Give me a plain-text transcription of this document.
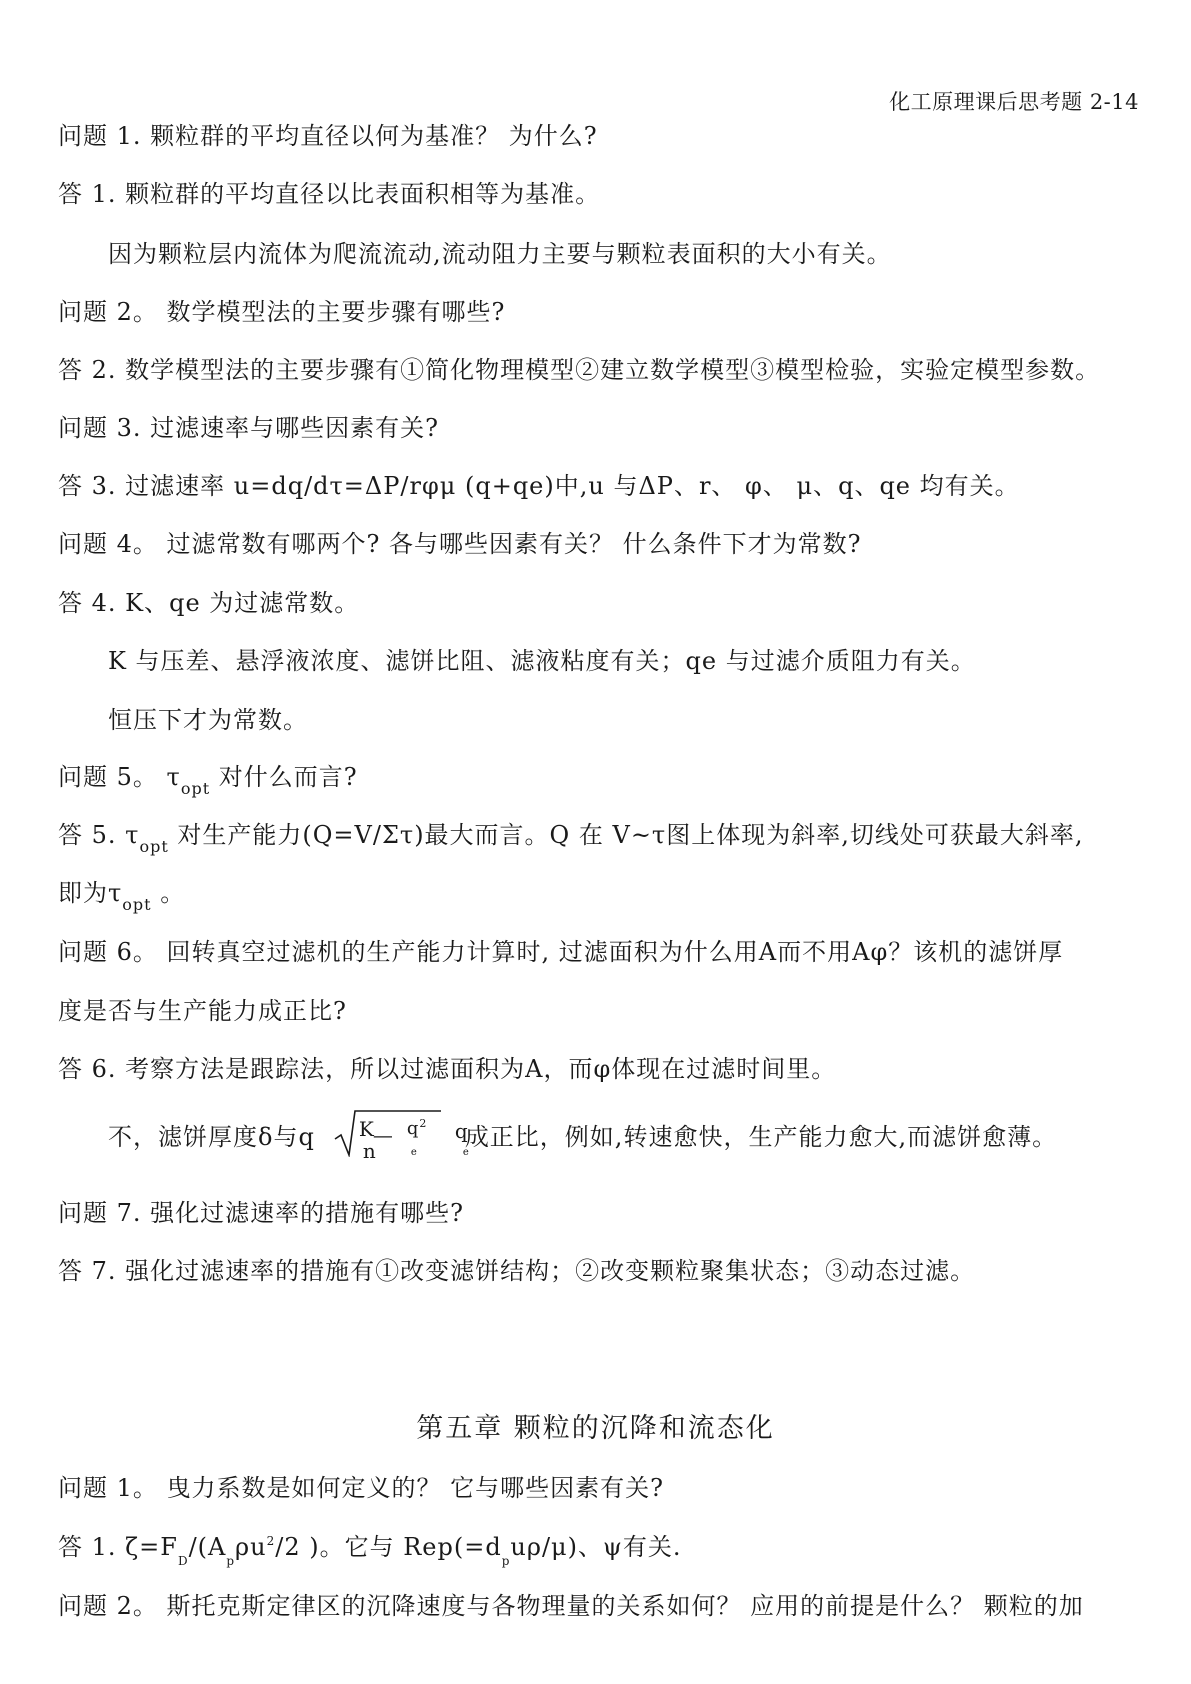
化工原理课后思考题 2-14
问题 1. 颗粒群的平均直径以何为基准？ 为什么?
答 1. 颗粒群的平均直径以比表面积相等为基准。
因为颗粒层内流体为爬流流动,流动阻力主要与颗粒表面积的大小有关。
问题 2。 数学模型法的主要步骤有哪些?
答 2. 数学模型法的主要步骤有①简化物理模型②建立数学模型③模型检验，实验定模型参数。
问题 3. 过滤速率与哪些因素有关?
答 3. 过滤速率 u=dq/dτ=ΔP/rφμ (q+qe)中,u 与ΔP、r、 φ、 μ、q、qe 均有关。
问题 4。 过滤常数有哪两个? 各与哪些因素有关？ 什么条件下才为常数?
答 4. K、qe 为过滤常数。
K 与压差、悬浮液浓度、滤饼比阻、滤液粘度有关；qe 与过滤介质阻力有关。
恒压下才为常数。
问题 5。 $\tau_{opt}$ 对什么而言?
答 5. $\tau_{opt}$ 对生产能力(Q=V/Στ)最大而言。Q 在 V~τ图上体现为斜率,切线处可获最大斜率,
即为$\tau_{opt}$ 。
问题 6。 回转真空过滤机的生产能力计算时, 过滤面积为什么用A而不用Aφ？该机的滤饼厚
度是否与生产能力成正比?
答 6. 考察方法是跟踪法，所以过滤面积为A，而φ体现在过滤时间里。
不，滤饼厚度δ与q K
—
n
$q^2$
e
q
e
成正比，例如,转速愈快，生产能力愈大,而滤饼愈薄。
问题 7. 强化过滤速率的措施有哪些?
答 7. 强化过滤速率的措施有①改变滤饼结构；②改变颗粒聚集状态；③动态过滤。
第五章 颗粒的沉降和流态化
问题 1。 曳力系数是如何定义的？ 它与哪些因素有关?
答 1. $\zeta=F_D/(A_p\rho u^2/2$ )。它与 $Rep(=d_pu\rho/\mu)$、ψ有关.
问题 2。 斯托克斯定律区的沉降速度与各物理量的关系如何？ 应用的前提是什么？ 颗粒的加
